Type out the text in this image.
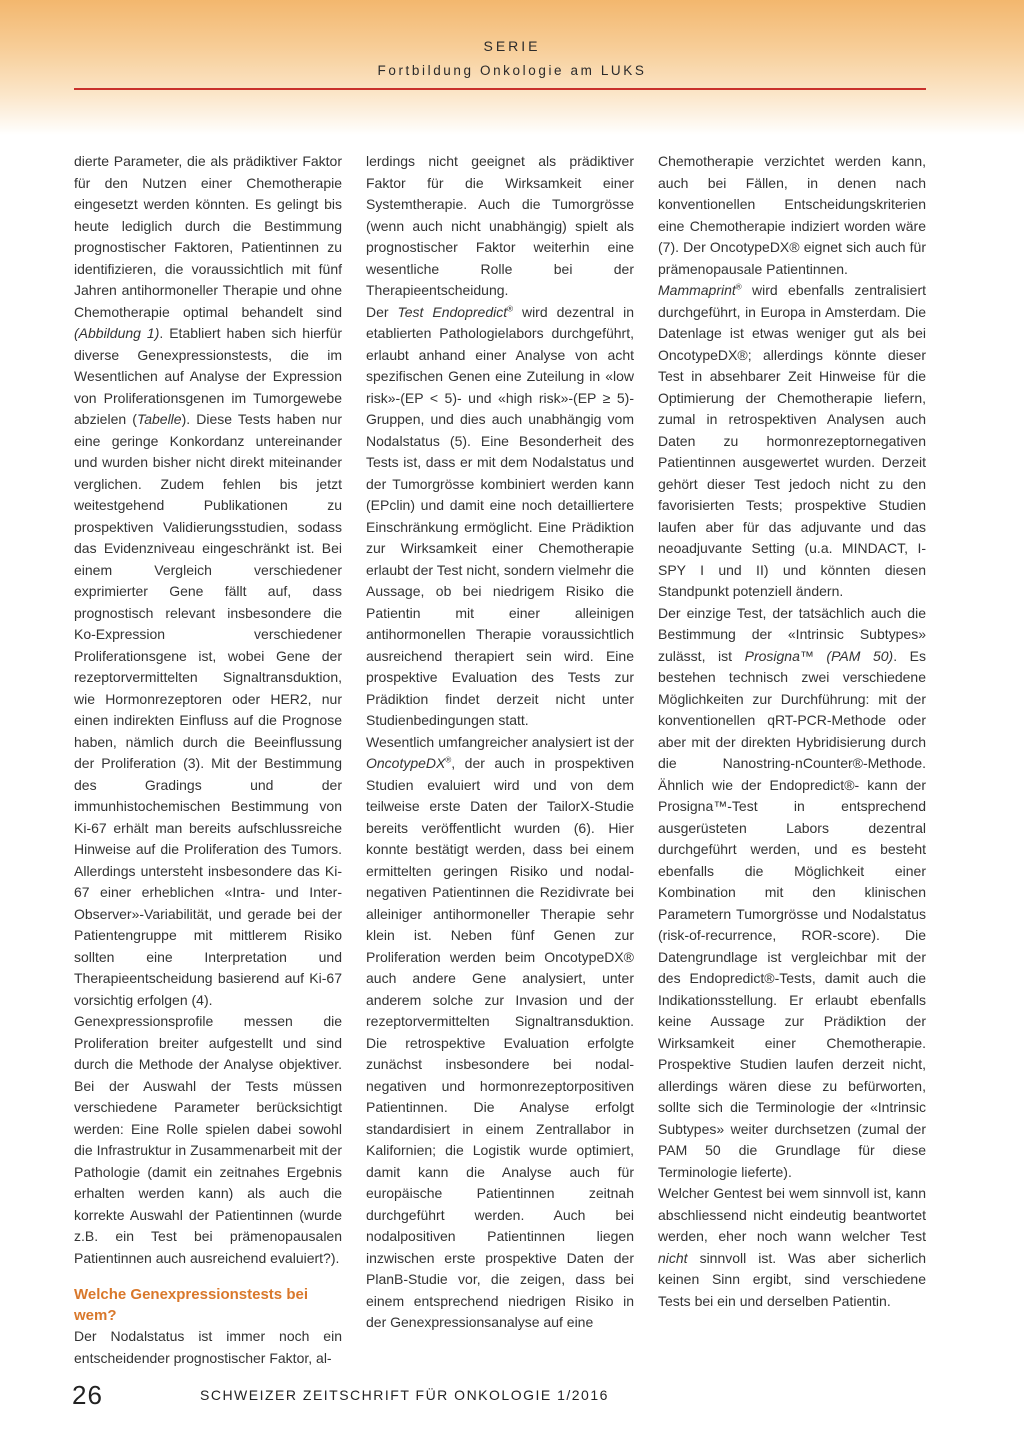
SERIE
Fortbildung Onkologie am LUKS

dierte Parameter, die als prädiktiver Faktor für den Nutzen einer Chemotherapie eingesetzt werden könnten. Es gelingt bis heute lediglich durch die Bestimmung prognostischer Faktoren, Patientinnen zu identifizieren, die voraussichtlich mit fünf Jahren antihormoneller Therapie und ohne Chemotherapie optimal behandelt sind (Abbildung 1). Etabliert haben sich hierfür diverse Genexpressionstests, die im Wesentlichen auf Analyse der Expression von Proliferationsgenen im Tumorgewebe abzielen (Tabelle). Diese Tests haben nur eine geringe Konkordanz untereinander und wurden bisher nicht direkt miteinander verglichen. Zudem fehlen bis jetzt weitestgehend Publikationen zu prospektiven Validierungsstudien, sodass das Evidenzniveau eingeschränkt ist. Bei einem Vergleich verschiedener exprimierter Gene fällt auf, dass prognostisch relevant insbesondere die Ko-Expression verschiedener Proliferationsgene ist, wobei Gene der rezeptorvermittelten Signaltransduktion, wie Hormonrezeptoren oder HER2, nur einen indirekten Einfluss auf die Prognose haben, nämlich durch die Beeinflussung der Proliferation (3). Mit der Bestimmung des Gradings und der immunhistochemischen Bestimmung von Ki-67 erhält man bereits aufschlussreiche Hinweise auf die Proliferation des Tumors. Allerdings untersteht insbesondere das Ki-67 einer erheblichen «Intra- und Inter-Observer»-Variabilität, und gerade bei der Patientengruppe mit mittlerem Risiko sollten eine Interpretation und Therapieentscheidung basierend auf Ki-67 vorsichtig erfolgen (4).

Genexpressionsprofile messen die Proliferation breiter aufgestellt und sind durch die Methode der Analyse objektiver. Bei der Auswahl der Tests müssen verschiedene Parameter berücksichtigt werden: Eine Rolle spielen dabei sowohl die Infrastruktur in Zusammenarbeit mit der Pathologie (damit ein zeitnahes Ergebnis erhalten werden kann) als auch die korrekte Auswahl der Patientinnen (wurde z.B. ein Test bei prämenopausalen Patientinnen auch ausreichend evaluiert?).

Welche Genexpressionstests bei wem?

Der Nodalstatus ist immer noch ein entscheidender prognostischer Faktor, al-

lerdings nicht geeignet als prädiktiver Faktor für die Wirksamkeit einer Systemtherapie. Auch die Tumorgrösse (wenn auch nicht unabhängig) spielt als prognostischer Faktor weiterhin eine wesentliche Rolle bei der Therapieentscheidung.

Der Test Endopredict® wird dezentral in etablierten Pathologielabors durchgeführt, erlaubt anhand einer Analyse von acht spezifischen Genen eine Zuteilung in «low risk»-(EP < 5)- und «high risk»-(EP ≥ 5)-Gruppen, und dies auch unabhängig vom Nodalstatus (5). Eine Besonderheit des Tests ist, dass er mit dem Nodalstatus und der Tumorgrösse kombiniert werden kann (EPclin) und damit eine noch detailliertere Einschränkung ermöglicht. Eine Prädiktion zur Wirksamkeit einer Chemotherapie erlaubt der Test nicht, sondern vielmehr die Aussage, ob bei niedrigem Risiko die Patientin mit einer alleinigen antihormonellen Therapie voraussichtlich ausreichend therapiert sein wird. Eine prospektive Evaluation des Tests zur Prädiktion findet derzeit nicht unter Studienbedingungen statt.

Wesentlich umfangreicher analysiert ist der OncotypeDX®, der auch in prospektiven Studien evaluiert wird und von dem teilweise erste Daten der TailorX-Studie bereits veröffentlicht wurden (6). Hier konnte bestätigt werden, dass bei einem ermittelten geringen Risiko und nodal-negativen Patientinnen die Rezidivrate bei alleiniger antihormoneller Therapie sehr klein ist. Neben fünf Genen zur Proliferation werden beim OncotypeDX® auch andere Gene analysiert, unter anderem solche zur Invasion und der rezeptorvermittelten Signaltransduktion. Die retrospektive Evaluation erfolgte zunächst insbesondere bei nodal-negativen und hormonrezeptorpositiven Patientinnen. Die Analyse erfolgt standardisiert in einem Zentrallabor in Kalifornien; die Logistik wurde optimiert, damit kann die Analyse auch für europäische Patientinnen zeitnah durchgeführt werden. Auch bei nodalpositiven Patientinnen liegen inzwischen erste prospektive Daten der PlanB-Studie vor, die zeigen, dass bei einem entsprechend niedrigen Risiko in der Genexpressionsanalyse auf eine

Chemotherapie verzichtet werden kann, auch bei Fällen, in denen nach konventionellen Entscheidungskriterien eine Chemotherapie indiziert worden wäre (7). Der OncotypeDX® eignet sich auch für prämenopausale Patientinnen.

Mammaprint® wird ebenfalls zentralisiert durchgeführt, in Europa in Amsterdam. Die Datenlage ist etwas weniger gut als bei OncotypeDX®; allerdings könnte dieser Test in absehbarer Zeit Hinweise für die Optimierung der Chemotherapie liefern, zumal in retrospektiven Analysen auch Daten zu hormonrezeptornegativen Patientinnen ausgewertet wurden. Derzeit gehört dieser Test jedoch nicht zu den favorisierten Tests; prospektive Studien laufen aber für das adjuvante und das neoadjuvante Setting (u.a. MINDACT, I-SPY I und II) und könnten diesen Standpunkt potenziell ändern.

Der einzige Test, der tatsächlich auch die Bestimmung der «Intrinsic Subtypes» zulässt, ist Prosigna™ (PAM 50). Es bestehen technisch zwei verschiedene Möglichkeiten zur Durchführung: mit der konventionellen qRT-PCR-Methode oder aber mit der direkten Hybridisierung durch die Nanostring-nCounter®-Methode. Ähnlich wie der Endopredict®- kann der Prosigna™-Test in entsprechend ausgerüsteten Labors dezentral durchgeführt werden, und es besteht ebenfalls die Möglichkeit einer Kombination mit den klinischen Parametern Tumorgrösse und Nodalstatus (risk-of-recurrence, ROR-score). Die Datengrundlage ist vergleichbar mit der des Endopredict®-Tests, damit auch die Indikationsstellung. Er erlaubt ebenfalls keine Aussage zur Prädiktion der Wirksamkeit einer Chemotherapie. Prospektive Studien laufen derzeit nicht, allerdings wären diese zu befürworten, sollte sich die Terminologie der «Intrinsic Subtypes» weiter durchsetzen (zumal der PAM 50 die Grundlage für diese Terminologie lieferte).

Welcher Gentest bei wem sinnvoll ist, kann abschliessend nicht eindeutig beantwortet werden, eher noch wann welcher Test nicht sinnvoll ist. Was aber sicherlich keinen Sinn ergibt, sind verschiedene Tests bei ein und derselben Patientin.

26	SCHWEIZER ZEITSCHRIFT FÜR ONKOLOGIE 1/2016
